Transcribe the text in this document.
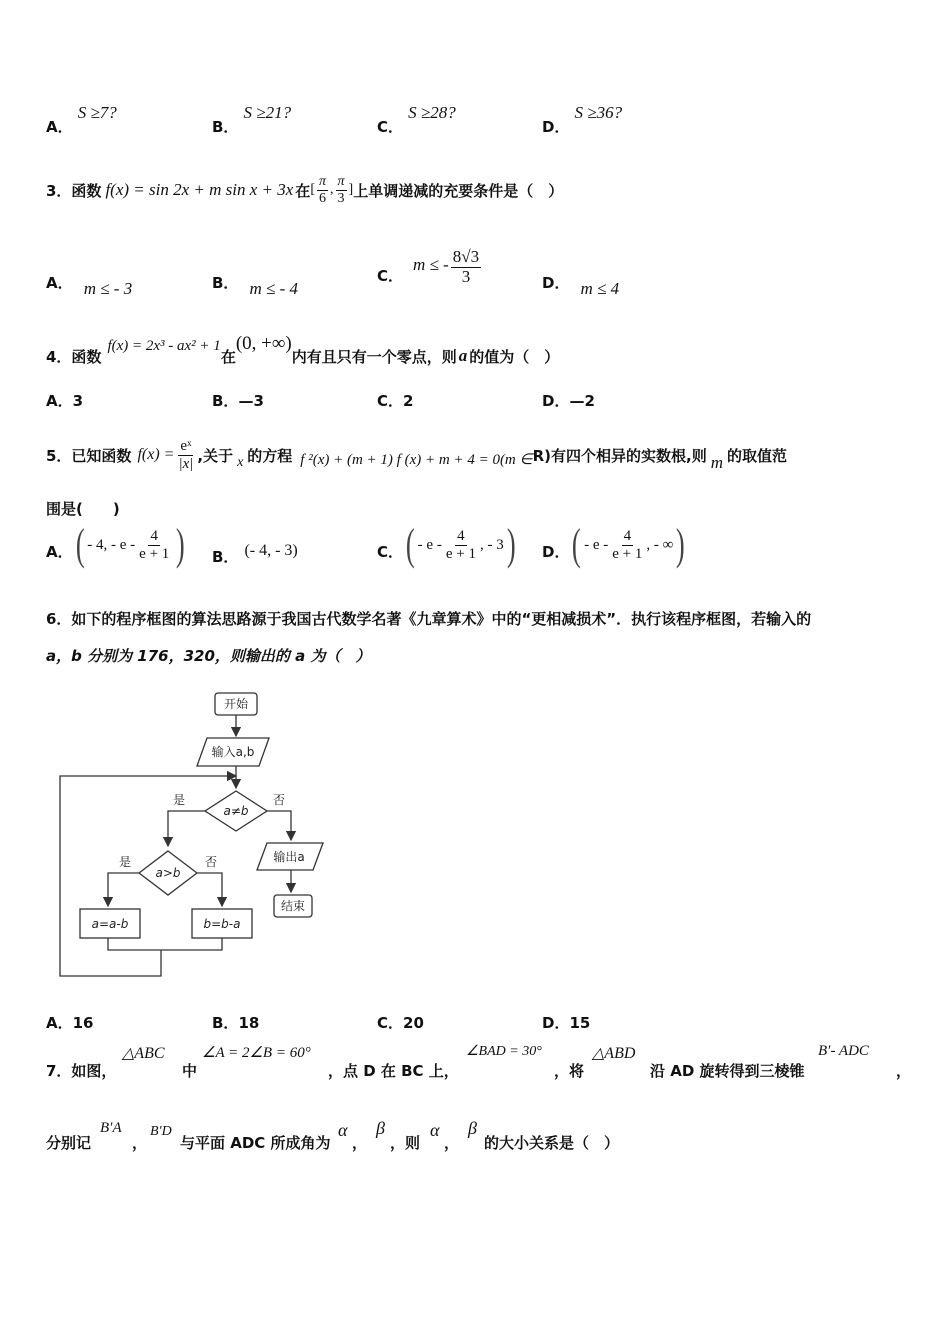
A． S ≥7?
B． S ≥21?
C． S ≥28?
D． S ≥36?
3．函数 f(x) = sin 2x + m sin x + 3x 在 [ $\frac{\pi}{6}$ , $\frac{\pi}{3}$ ] 上单调递减的充要条件是（　）
A． m ≤ - 3	B． m ≤ - 4
C．
m ≤ - $\frac{8√3}{3}$	D． m ≤ 4
4．函数
f(x) = 2x³ - ax² + 1
在
(0, +∞)
内有且只有一个零点，则 a 的值为（　）
A．3	B．—3	C．2	D．—2
5．已知函数 $f(x) = \frac{\text{eˣ}}{|x|}$ ,关于 x 的方程 f ²(x) + (m + 1) f (x) + m + 4 = 0(m ∈ R)有四个相异的实数根,则 m 的取值范
围是(　　)
A． ( - 4, - e - $\frac{4}{e + 1}$ ) B． (- 4, - 3)	C． ( - e - $\frac{4}{e + 1}$ , - 3 ) D． ( - e - $\frac{4}{e + 1}$ , - ∞ )
6．如下的程序框图的算法思路源于我国古代数学名著《九章算术》中的“更相减损术”．执行该程序框图，若输入的
a，b 分别为 176，320，则输出的 a 为（　）
开始
输入a,b
a≠b
是	否
输出a
结束
a>b
是	否
a=a-b	b=b-a
A．16	B．18	C．20	D．15
7．如图，
△ABC
中
∠A = 2∠B = 60°
，点 D 在 BC 上，
∠BAD = 30°
，将
△ABD
沿 AD 旋转得到三棱锥
B′- ADC
，
分别记
B′A
，
B′D
与平面 ADC 所成角为
α
，
β
，则
α
，
β
的大小关系是（　）
